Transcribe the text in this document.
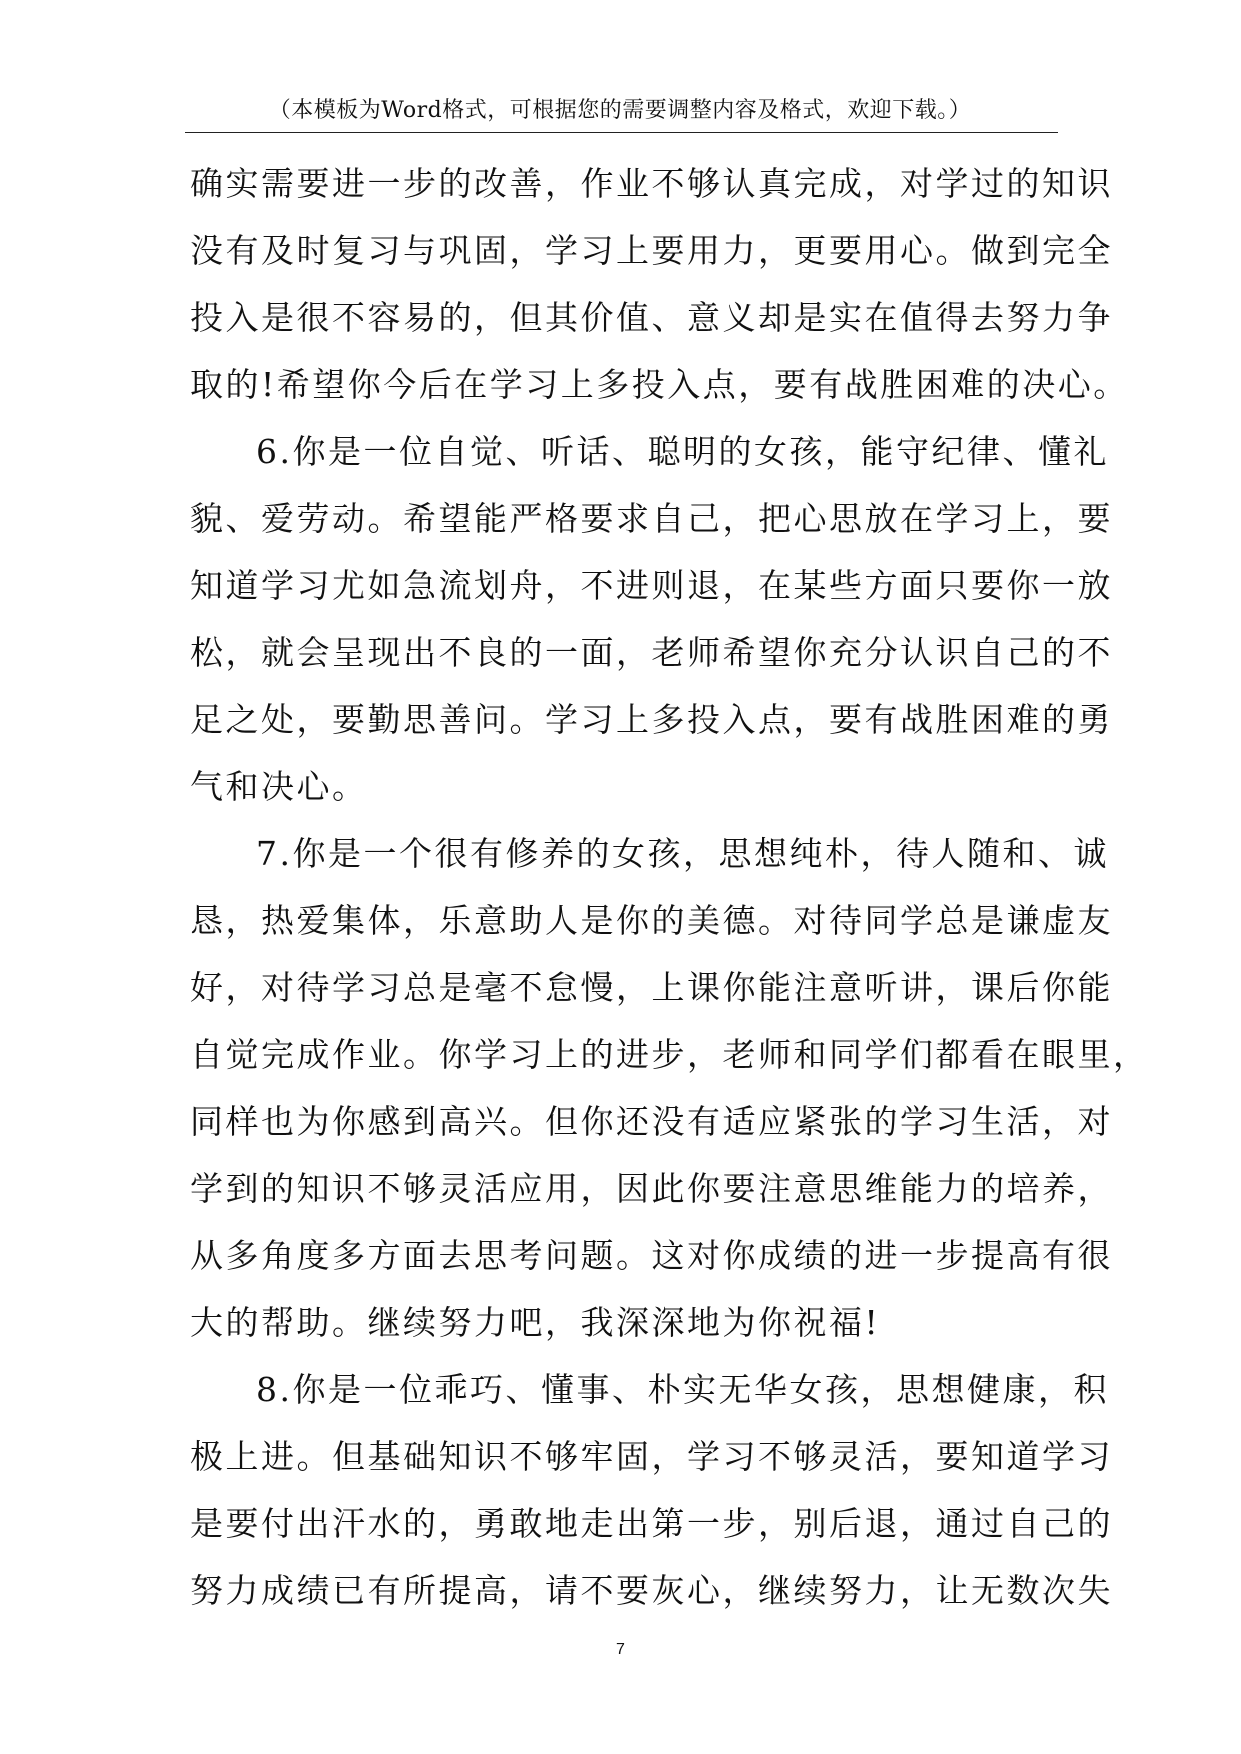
（本模板为Word格式，可根据您的需要调整内容及格式，欢迎下载。）
确实需要进一步的改善，作业不够认真完成，对学过的知识
没有及时复习与巩固，学习上要用力，更要用心。做到完全
投入是很不容易的，但其价值、意义却是实在值得去努力争
取的!希望你今后在学习上多投入点，要有战胜困难的决心。
6.你是一位自觉、听话、聪明的女孩，能守纪律、懂礼
貌、爱劳动。希望能严格要求自己，把心思放在学习上，要
知道学习尤如急流划舟，不进则退，在某些方面只要你一放
松，就会呈现出不良的一面，老师希望你充分认识自己的不
足之处，要勤思善问。学习上多投入点，要有战胜困难的勇
气和决心。
7.你是一个很有修养的女孩，思想纯朴，待人随和、诚
恳，热爱集体，乐意助人是你的美德。对待同学总是谦虚友
好，对待学习总是毫不怠慢，上课你能注意听讲，课后你能
自觉完成作业。你学习上的进步，老师和同学们都看在眼里，
同样也为你感到高兴。但你还没有适应紧张的学习生活，对
学到的知识不够灵活应用，因此你要注意思维能力的培养，
从多角度多方面去思考问题。这对你成绩的进一步提高有很
大的帮助。继续努力吧，我深深地为你祝福!
8.你是一位乖巧、懂事、朴实无华女孩，思想健康，积
极上进。但基础知识不够牢固，学习不够灵活，要知道学习
是要付出汗水的，勇敢地走出第一步，别后退，通过自己的
努力成绩已有所提高，请不要灰心，继续努力，让无数次失
7
